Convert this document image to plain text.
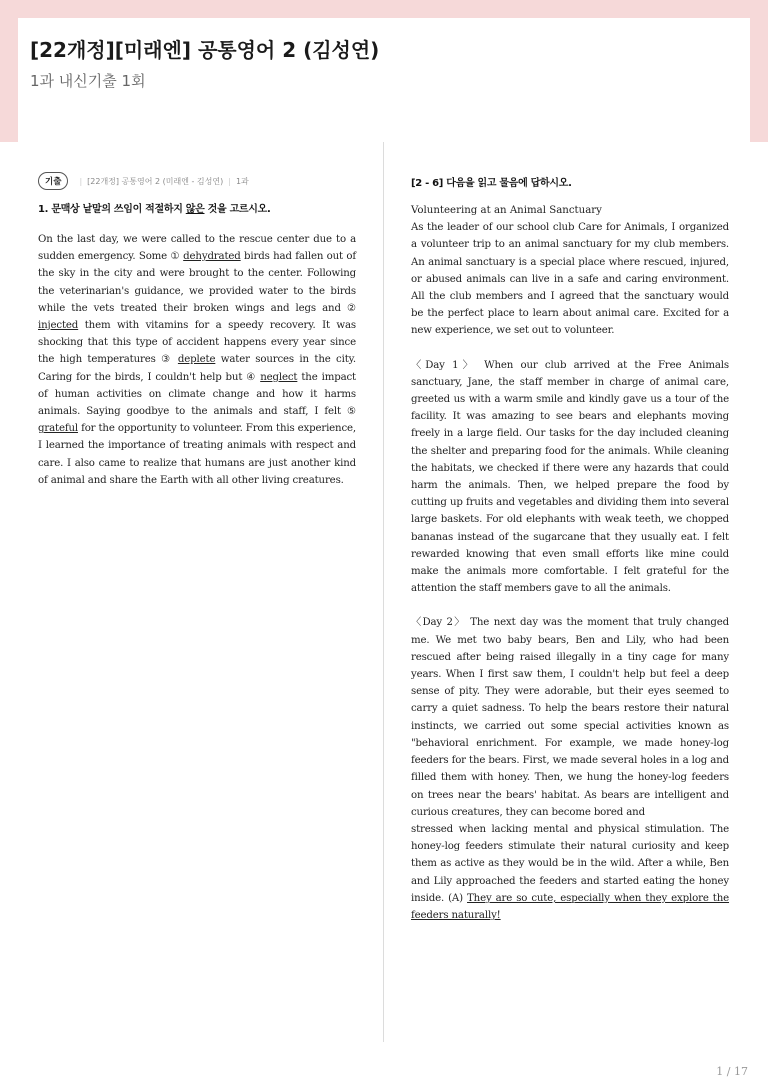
[22개정][미래엔] 공통영어 2 (김성연)
1과 내신기출 1회
기출	| [22개정] 공통영어 2 (미래엔 - 김성연) | 1과
1. 문맥상 낱말의 쓰임이 적절하지 않은 것을 고르시오.
On the last day, we were called to the rescue center due to a sudden emergency. Some ① dehydrated birds had fallen out of the sky in the city and were brought to the center. Following the veterinarian's guidance, we provided water to the birds while the vets treated their broken wings and legs and ② injected them with vitamins for a speedy recovery. It was shocking that this type of accident happens every year since the high temperatures ③ deplete water sources in the city. Caring for the birds, I couldn't help but ④ neglect the impact of human activities on climate change and how it harms animals. Saying goodbye to the animals and staff, I felt ⑤ grateful for the opportunity to volunteer. From this experience, I learned the importance of treating animals with respect and care. I also came to realize that humans are just another kind of animal and share the Earth with all other living creatures.
[2 - 6] 다음을 읽고 물음에 답하시오.
Volunteering at an Animal Sanctuary
As the leader of our school club Care for Animals, I organized a volunteer trip to an animal sanctuary for my club members. An animal sanctuary is a special place where rescued, injured, or abused animals can live in a safe and caring environment. All the club members and I agreed that the sanctuary would be the perfect place to learn about animal care. Excited for a new experience, we set out to volunteer.
〈Day 1〉 When our club arrived at the Free Animals sanctuary, Jane, the staff member in charge of animal care, greeted us with a warm smile and kindly gave us a tour of the facility. It was amazing to see bears and elephants moving freely in a large field. Our tasks for the day included cleaning the shelter and preparing food for the animals. While cleaning the habitats, we checked if there were any hazards that could harm the animals. Then, we helped prepare the food by cutting up fruits and vegetables and dividing them into several large baskets. For old elephants with weak teeth, we chopped bananas instead of the sugarcane that they usually eat. I felt rewarded knowing that even small efforts like mine could make the animals more comfortable. I felt grateful for the attention the staff members gave to all the animals.
〈Day 2〉 The next day was the moment that truly changed me. We met two baby bears, Ben and Lily, who had been rescued after being raised illegally in a tiny cage for many years. When I first saw them, I couldn't help but feel a deep sense of pity. They were adorable, but their eyes seemed to carry a quiet sadness. To help the bears restore their natural instincts, we carried out some special activities known as "behavioral enrichment. For example, we made honey-log feeders for the bears. First, we made several holes in a log and filled them with honey. Then, we hung the honey-log feeders on trees near the bears' habitat. As bears are intelligent and curious creatures, they can become bored and
stressed when lacking mental and physical stimulation. The honey-log feeders stimulate their natural curiosity and keep them as active as they would be in the wild. After a while, Ben and Lily approached the feeders and started eating the honey inside. (A) They are so cute, especially when they explore the feeders naturally!
1 / 17
